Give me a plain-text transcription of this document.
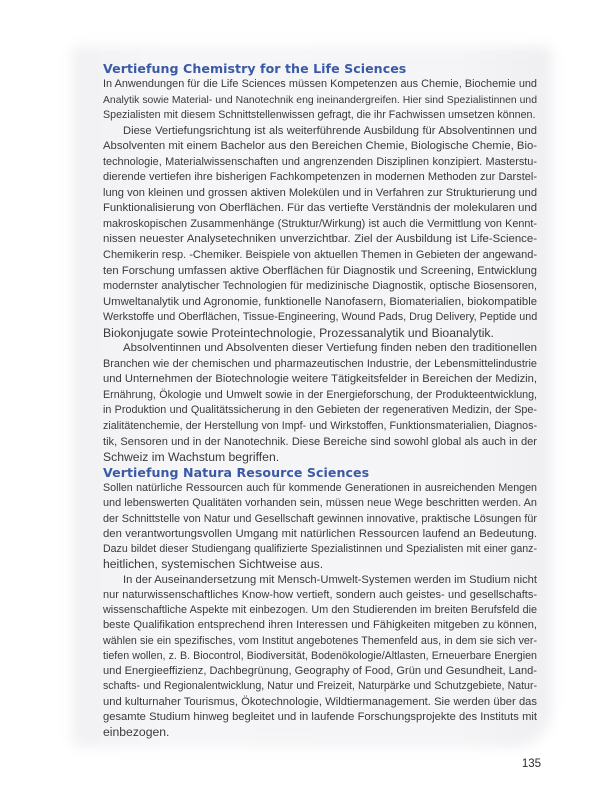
Vertiefung Chemistry for the Life Sciences
In Anwendungen für die Life Sciences müssen Kompetenzen aus Chemie, Biochemie und
Analytik sowie Material- und Nanotechnik eng ineinandergreifen. Hier sind Spezialistinnen und
Spezialisten mit diesem Schnittstellenwissen gefragt, die ihr Fachwissen umsetzen können.
Diese Vertiefungsrichtung ist als weiterführende Ausbildung für Absolventinnen und
Absolventen mit einem Bachelor aus den Bereichen Chemie, Biologische Chemie, Bio-
technologie, Materialwissenschaften und angrenzenden Disziplinen konzipiert. Masterstu-
dierende vertiefen ihre bisherigen Fachkompetenzen in modernen Methoden zur Darstel-
lung von kleinen und grossen aktiven Molekülen und in Verfahren zur Strukturierung und
Funktionalisierung von Oberflächen. Für das vertiefte Verständnis der molekularen und
makroskopischen Zusammenhänge (Struktur/Wirkung) ist auch die Vermittlung von Kennt-
nissen neuester Analysetechniken unverzichtbar. Ziel der Ausbildung ist Life-Science-
Chemikerin resp. -Chemiker. Beispiele von aktuellen Themen in Gebieten der angewand-
ten Forschung umfassen aktive Oberflächen für Diagnostik und Screening, Entwicklung
modernster analytischer Technologien für medizinische Diagnostik, optische Biosensoren,
Umweltanalytik und Agronomie, funktionelle Nanofasern, Biomaterialien, biokompatible
Werkstoffe und Oberflächen, Tissue-Engineering, Wound Pads, Drug Delivery, Peptide und
Biokonjugate sowie Proteintechnologie, Prozessanalytik und Bioanalytik.
Absolventinnen und Absolventen dieser Vertiefung finden neben den traditionellen
Branchen wie der chemischen und pharmazeutischen Industrie, der Lebensmittelindustrie
und Unternehmen der Biotechnologie weitere Tätigkeitsfelder in Bereichen der Medizin,
Ernährung, Ökologie und Umwelt sowie in der Energieforschung, der Produkteentwicklung,
in Produktion und Qualitätssicherung in den Gebieten der regenerativen Medizin, der Spe-
zialitätenchemie, der Herstellung von Impf- und Wirkstoffen, Funktionsmaterialien, Diagnos-
tik, Sensoren und in der Nanotechnik. Diese Bereiche sind sowohl global als auch in der
Schweiz im Wachstum begriffen.
Vertiefung Natura Resource Sciences
Sollen natürliche Ressourcen auch für kommende Generationen in ausreichenden Mengen
und lebenswerten Qualitäten vorhanden sein, müssen neue Wege beschritten werden. An
der Schnittstelle von Natur und Gesellschaft gewinnen innovative, praktische Lösungen für
den verantwortungsvollen Umgang mit natürlichen Ressourcen laufend an Bedeutung.
Dazu bildet dieser Studiengang qualifizierte Spezialistinnen und Spezialisten mit einer ganz-
heitlichen, systemischen Sichtweise aus.
In der Auseinandersetzung mit Mensch-Umwelt-Systemen werden im Studium nicht
nur naturwissenschaftliches Know-how vertieft, sondern auch geistes- und gesellschafts-
wissenschaftliche Aspekte mit einbezogen. Um den Studierenden im breiten Berufsfeld die
beste Qualifikation entsprechend ihren Interessen und Fähigkeiten mitgeben zu können,
wählen sie ein spezifisches, vom Institut angebotenes Themenfeld aus, in dem sie sich ver-
tiefen wollen, z. B. Biocontrol, Biodiversität, Bodenökologie/Altlasten, Erneuerbare Energien
und Energieeffizienz, Dachbegrünung, Geography of Food, Grün und Gesundheit, Land-
schafts- und Regionalentwicklung, Natur und Freizeit, Naturpärke und Schutzgebiete, Natur-
und kulturnaher Tourismus, Ökotechnologie, Wildtiermanagement. Sie werden über das
gesamte Studium hinweg begleitet und in laufende Forschungsprojekte des Instituts mit
einbezogen.
135
